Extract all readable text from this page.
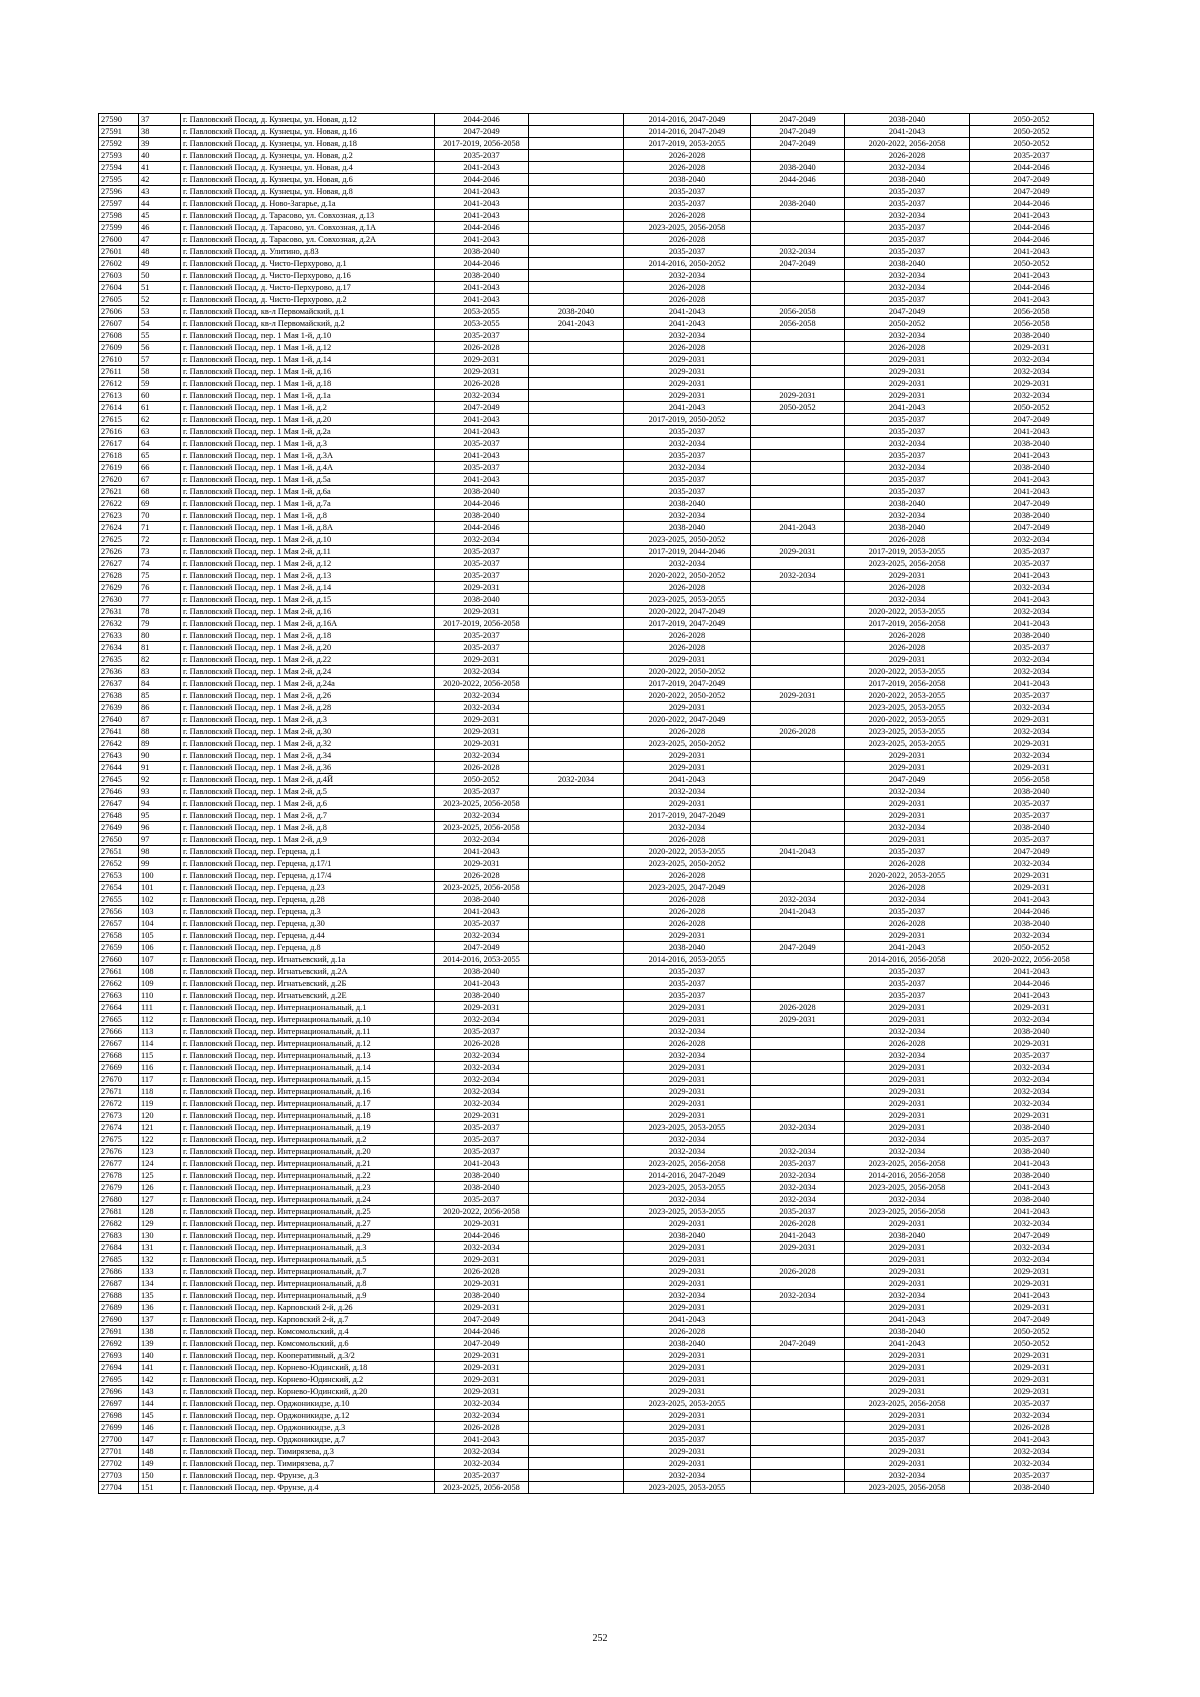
27590	37	г. Павловский Посад, д. Кузнецы, ул. Новая, д.12	2044-2046		2014-2016, 2047-2049	2047-2049	2038-2040	2050-2052
27591	38	г. Павловский Посад, д. Кузнецы, ул. Новая, д.16	2047-2049		2014-2016, 2047-2049	2047-2049	2041-2043	2050-2052
27592	39	г. Павловский Посад, д. Кузнецы, ул. Новая, д.18	2017-2019, 2056-2058		2017-2019, 2053-2055	2047-2049	2020-2022, 2056-2058	2050-2052
27593	40	г. Павловский Посад, д. Кузнецы, ул. Новая, д.2	2035-2037		2026-2028		2026-2028	2035-2037
27594	41	г. Павловский Посад, д. Кузнецы, ул. Новая, д.4	2041-2043		2026-2028	2038-2040	2032-2034	2044-2046
27595	42	г. Павловский Посад, д. Кузнецы, ул. Новая, д.6	2044-2046		2038-2040	2044-2046	2038-2040	2047-2049
27596	43	г. Павловский Посад, д. Кузнецы, ул. Новая, д.8	2041-2043		2035-2037		2035-2037	2047-2049
27597	44	г. Павловский Посад, д. Ново-Загарье, д.1а	2041-2043		2035-2037	2038-2040	2035-2037	2044-2046
27598	45	г. Павловский Посад, д. Тарасово, ул. Совхозная, д.13	2041-2043		2026-2028		2032-2034	2041-2043
27599	46	г. Павловский Посад, д. Тарасово, ул. Совхозная, д.1А	2044-2046		2023-2025, 2056-2058		2035-2037	2044-2046
27600	47	г. Павловский Посад, д. Тарасово, ул. Совхозная, д.2А	2041-2043		2026-2028		2035-2037	2044-2046
27601	48	г. Павловский Посад, д. Улитино, д.83	2038-2040		2035-2037	2032-2034	2035-2037	2041-2043
27602	49	г. Павловский Посад, д. Чисто-Перхурово, д.1	2044-2046		2014-2016, 2050-2052	2047-2049	2038-2040	2050-2052
27603	50	г. Павловский Посад, д. Чисто-Перхурово, д.16	2038-2040		2032-2034		2032-2034	2041-2043
27604	51	г. Павловский Посад, д. Чисто-Перхурово, д.17	2041-2043		2026-2028		2032-2034	2044-2046
27605	52	г. Павловский Посад, д. Чисто-Перхурово, д.2	2041-2043		2026-2028		2035-2037	2041-2043
27606	53	г. Павловский Посад, кв-л Первомайский, д.1	2053-2055	2038-2040	2041-2043	2056-2058	2047-2049	2056-2058
27607	54	г. Павловский Посад, кв-л Первомайский, д.2	2053-2055	2041-2043	2041-2043	2056-2058	2050-2052	2056-2058
27608	55	г. Павловский Посад, пер. 1 Мая 1-й, д.10	2035-2037		2032-2034		2032-2034	2038-2040
27609	56	г. Павловский Посад, пер. 1 Мая 1-й, д.12	2026-2028		2026-2028		2026-2028	2029-2031
27610	57	г. Павловский Посад, пер. 1 Мая 1-й, д.14	2029-2031		2029-2031		2029-2031	2032-2034
27611	58	г. Павловский Посад, пер. 1 Мая 1-й, д.16	2029-2031		2029-2031		2029-2031	2032-2034
27612	59	г. Павловский Посад, пер. 1 Мая 1-й, д.18	2026-2028		2029-2031		2029-2031	2029-2031
27613	60	г. Павловский Посад, пер. 1 Мая 1-й, д.1а	2032-2034		2029-2031	2029-2031	2029-2031	2032-2034
27614	61	г. Павловский Посад, пер. 1 Мая 1-й, д.2	2047-2049		2041-2043	2050-2052	2041-2043	2050-2052
27615	62	г. Павловский Посад, пер. 1 Мая 1-й, д.20	2041-2043		2017-2019, 2050-2052		2035-2037	2047-2049
27616	63	г. Павловский Посад, пер. 1 Мая 1-й, д.2а	2041-2043		2035-2037		2035-2037	2041-2043
27617	64	г. Павловский Посад, пер. 1 Мая 1-й, д.3	2035-2037		2032-2034		2032-2034	2038-2040
27618	65	г. Павловский Посад, пер. 1 Мая 1-й, д.3А	2041-2043		2035-2037		2035-2037	2041-2043
27619	66	г. Павловский Посад, пер. 1 Мая 1-й, д.4А	2035-2037		2032-2034		2032-2034	2038-2040
27620	67	г. Павловский Посад, пер. 1 Мая 1-й, д.5а	2041-2043		2035-2037		2035-2037	2041-2043
27621	68	г. Павловский Посад, пер. 1 Мая 1-й, д.6а	2038-2040		2035-2037		2035-2037	2041-2043
27622	69	г. Павловский Посад, пер. 1 Мая 1-й, д.7а	2044-2046		2038-2040		2038-2040	2047-2049
27623	70	г. Павловский Посад, пер. 1 Мая 1-й, д.8	2038-2040		2032-2034		2032-2034	2038-2040
27624	71	г. Павловский Посад, пер. 1 Мая 1-й, д.8А	2044-2046		2038-2040	2041-2043	2038-2040	2047-2049
27625	72	г. Павловский Посад, пер. 1 Мая 2-й, д.10	2032-2034		2023-2025, 2050-2052		2026-2028	2032-2034
27626	73	г. Павловский Посад, пер. 1 Мая 2-й, д.11	2035-2037		2017-2019, 2044-2046	2029-2031	2017-2019, 2053-2055	2035-2037
27627	74	г. Павловский Посад, пер. 1 Мая 2-й, д.12	2035-2037		2032-2034		2023-2025, 2056-2058	2035-2037
27628	75	г. Павловский Посад, пер. 1 Мая 2-й, д.13	2035-2037		2020-2022, 2050-2052	2032-2034	2029-2031	2041-2043
27629	76	г. Павловский Посад, пер. 1 Мая 2-й, д.14	2029-2031		2026-2028		2026-2028	2032-2034
27630	77	г. Павловский Посад, пер. 1 Мая 2-й, д.15	2038-2040		2023-2025, 2053-2055		2032-2034	2041-2043
27631	78	г. Павловский Посад, пер. 1 Мая 2-й, д.16	2029-2031		2020-2022, 2047-2049		2020-2022, 2053-2055	2032-2034
27632	79	г. Павловский Посад, пер. 1 Мая 2-й, д.16А	2017-2019, 2056-2058		2017-2019, 2047-2049		2017-2019, 2056-2058	2041-2043
27633	80	г. Павловский Посад, пер. 1 Мая 2-й, д.18	2035-2037		2026-2028		2026-2028	2038-2040
27634	81	г. Павловский Посад, пер. 1 Мая 2-й, д.20	2035-2037		2026-2028		2026-2028	2035-2037
27635	82	г. Павловский Посад, пер. 1 Мая 2-й, д.22	2029-2031		2029-2031		2029-2031	2032-2034
27636	83	г. Павловский Посад, пер. 1 Мая 2-й, д.24	2032-2034		2020-2022, 2050-2052		2020-2022, 2053-2055	2032-2034
27637	84	г. Павловский Посад, пер. 1 Мая 2-й, д.24а	2020-2022, 2056-2058		2017-2019, 2047-2049		2017-2019, 2056-2058	2041-2043
27638	85	г. Павловский Посад, пер. 1 Мая 2-й, д.26	2032-2034		2020-2022, 2050-2052	2029-2031	2020-2022, 2053-2055	2035-2037
27639	86	г. Павловский Посад, пер. 1 Мая 2-й, д.28	2032-2034		2029-2031		2023-2025, 2053-2055	2032-2034
27640	87	г. Павловский Посад, пер. 1 Мая 2-й, д.3	2029-2031		2020-2022, 2047-2049		2020-2022, 2053-2055	2029-2031
27641	88	г. Павловский Посад, пер. 1 Мая 2-й, д.30	2029-2031		2026-2028	2026-2028	2023-2025, 2053-2055	2032-2034
27642	89	г. Павловский Посад, пер. 1 Мая 2-й, д.32	2029-2031		2023-2025, 2050-2052		2023-2025, 2053-2055	2029-2031
27643	90	г. Павловский Посад, пер. 1 Мая 2-й, д.34	2032-2034		2029-2031		2029-2031	2032-2034
27644	91	г. Павловский Посад, пер. 1 Мая 2-й, д.36	2026-2028		2029-2031		2029-2031	2029-2031
27645	92	г. Павловский Посад, пер. 1 Мая 2-й, д.4Й	2050-2052	2032-2034	2041-2043		2047-2049	2056-2058
27646	93	г. Павловский Посад, пер. 1 Мая 2-й, д.5	2035-2037		2032-2034		2032-2034	2038-2040
27647	94	г. Павловский Посад, пер. 1 Мая 2-й, д.6	2023-2025, 2056-2058		2029-2031		2029-2031	2035-2037
27648	95	г. Павловский Посад, пер. 1 Мая 2-й, д.7	2032-2034		2017-2019, 2047-2049		2029-2031	2035-2037
27649	96	г. Павловский Посад, пер. 1 Мая 2-й, д.8	2023-2025, 2056-2058		2032-2034		2032-2034	2038-2040
27650	97	г. Павловский Посад, пер. 1 Мая 2-й, д.9	2032-2034		2026-2028		2029-2031	2035-2037
27651	98	г. Павловский Посад, пер. Герцена, д.1	2041-2043		2020-2022, 2053-2055	2041-2043	2035-2037	2047-2049
27652	99	г. Павловский Посад, пер. Герцена, д.17/1	2029-2031		2023-2025, 2050-2052		2026-2028	2032-2034
27653	100	г. Павловский Посад, пер. Герцена, д.17/4	2026-2028		2026-2028		2020-2022, 2053-2055	2029-2031
27654	101	г. Павловский Посад, пер. Герцена, д.23	2023-2025, 2056-2058		2023-2025, 2047-2049		2026-2028	2029-2031
27655	102	г. Павловский Посад, пер. Герцена, д.28	2038-2040		2026-2028	2032-2034	2032-2034	2041-2043
27656	103	г. Павловский Посад, пер. Герцена, д.3	2041-2043		2026-2028	2041-2043	2035-2037	2044-2046
27657	104	г. Павловский Посад, пер. Герцена, д.30	2035-2037		2026-2028		2026-2028	2038-2040
27658	105	г. Павловский Посад, пер. Герцена, д.44	2032-2034		2029-2031		2029-2031	2032-2034
27659	106	г. Павловский Посад, пер. Герцена, д.8	2047-2049		2038-2040	2047-2049	2041-2043	2050-2052
27660	107	г. Павловский Посад, пер. Игнатьевский, д.1а	2014-2016, 2053-2055		2014-2016, 2053-2055		2014-2016, 2056-2058	2020-2022, 2056-2058
27661	108	г. Павловский Посад, пер. Игнатьевский, д.2А	2038-2040		2035-2037		2035-2037	2041-2043
27662	109	г. Павловский Посад, пер. Игнатьевский, д.2Б	2041-2043		2035-2037		2035-2037	2044-2046
27663	110	г. Павловский Посад, пер. Игнатьевский, д.2Е	2038-2040		2035-2037		2035-2037	2041-2043
27664	111	г. Павловский Посад, пер. Интернациональный, д.1	2029-2031		2029-2031	2026-2028	2029-2031	2029-2031
27665	112	г. Павловский Посад, пер. Интернациональный, д.10	2032-2034		2029-2031	2029-2031	2029-2031	2032-2034
27666	113	г. Павловский Посад, пер. Интернациональный, д.11	2035-2037		2032-2034		2032-2034	2038-2040
27667	114	г. Павловский Посад, пер. Интернациональный, д.12	2026-2028		2026-2028		2026-2028	2029-2031
27668	115	г. Павловский Посад, пер. Интернациональный, д.13	2032-2034		2032-2034		2032-2034	2035-2037
27669	116	г. Павловский Посад, пер. Интернациональный, д.14	2032-2034		2029-2031		2029-2031	2032-2034
27670	117	г. Павловский Посад, пер. Интернациональный, д.15	2032-2034		2029-2031		2029-2031	2032-2034
27671	118	г. Павловский Посад, пер. Интернациональный, д.16	2032-2034		2029-2031		2029-2031	2032-2034
27672	119	г. Павловский Посад, пер. Интернациональный, д.17	2032-2034		2029-2031		2029-2031	2032-2034
27673	120	г. Павловский Посад, пер. Интернациональный, д.18	2029-2031		2029-2031		2029-2031	2029-2031
27674	121	г. Павловский Посад, пер. Интернациональный, д.19	2035-2037		2023-2025, 2053-2055	2032-2034	2029-2031	2038-2040
27675	122	г. Павловский Посад, пер. Интернациональный, д.2	2035-2037		2032-2034		2032-2034	2035-2037
27676	123	г. Павловский Посад, пер. Интернациональный, д.20	2035-2037		2032-2034	2032-2034	2032-2034	2038-2040
27677	124	г. Павловский Посад, пер. Интернациональный, д.21	2041-2043		2023-2025, 2056-2058	2035-2037	2023-2025, 2056-2058	2041-2043
27678	125	г. Павловский Посад, пер. Интернациональный, д.22	2038-2040		2014-2016, 2047-2049	2032-2034	2014-2016, 2056-2058	2038-2040
27679	126	г. Павловский Посад, пер. Интернациональный, д.23	2038-2040		2023-2025, 2053-2055	2032-2034	2023-2025, 2056-2058	2041-2043
27680	127	г. Павловский Посад, пер. Интернациональный, д.24	2035-2037		2032-2034	2032-2034	2032-2034	2038-2040
27681	128	г. Павловский Посад, пер. Интернациональный, д.25	2020-2022, 2056-2058		2023-2025, 2053-2055	2035-2037	2023-2025, 2056-2058	2041-2043
27682	129	г. Павловский Посад, пер. Интернациональный, д.27	2029-2031		2029-2031	2026-2028	2029-2031	2032-2034
27683	130	г. Павловский Посад, пер. Интернациональный, д.29	2044-2046		2038-2040	2041-2043	2038-2040	2047-2049
27684	131	г. Павловский Посад, пер. Интернациональный, д.3	2032-2034		2029-2031	2029-2031	2029-2031	2032-2034
27685	132	г. Павловский Посад, пер. Интернациональный, д.5	2029-2031		2029-2031		2029-2031	2032-2034
27686	133	г. Павловский Посад, пер. Интернациональный, д.7	2026-2028		2029-2031	2026-2028	2029-2031	2029-2031
27687	134	г. Павловский Посад, пер. Интернациональный, д.8	2029-2031		2029-2031		2029-2031	2029-2031
27688	135	г. Павловский Посад, пер. Интернациональный, д.9	2038-2040		2032-2034	2032-2034	2032-2034	2041-2043
27689	136	г. Павловский Посад, пер. Карповский 2-й, д.26	2029-2031		2029-2031		2029-2031	2029-2031
27690	137	г. Павловский Посад, пер. Карповский 2-й, д.7	2047-2049		2041-2043		2041-2043	2047-2049
27691	138	г. Павловский Посад, пер. Комсомольский, д.4	2044-2046		2026-2028		2038-2040	2050-2052
27692	139	г. Павловский Посад, пер. Комсомольский, д.6	2047-2049		2038-2040	2047-2049	2041-2043	2050-2052
27693	140	г. Павловский Посад, пер. Кооперативный, д.3/2	2029-2031		2029-2031		2029-2031	2029-2031
27694	141	г. Павловский Посад, пер. Корнево-Юдинский, д.18	2029-2031		2029-2031		2029-2031	2029-2031
27695	142	г. Павловский Посад, пер. Корнево-Юдинский, д.2	2029-2031		2029-2031		2029-2031	2029-2031
27696	143	г. Павловский Посад, пер. Корнево-Юдинский, д.20	2029-2031		2029-2031		2029-2031	2029-2031
27697	144	г. Павловский Посад, пер. Орджоникидзе, д.10	2032-2034		2023-2025, 2053-2055		2023-2025, 2056-2058	2035-2037
27698	145	г. Павловский Посад, пер. Орджоникидзе, д.12	2032-2034		2029-2031		2029-2031	2032-2034
27699	146	г. Павловский Посад, пер. Орджоникидзе, д.3	2026-2028		2029-2031		2029-2031	2026-2028
27700	147	г. Павловский Посад, пер. Орджоникидзе, д.7	2041-2043		2035-2037		2035-2037	2041-2043
27701	148	г. Павловский Посад, пер. Тимирязева, д.3	2032-2034		2029-2031		2029-2031	2032-2034
27702	149	г. Павловский Посад, пер. Тимирязева, д.7	2032-2034		2029-2031		2029-2031	2032-2034
27703	150	г. Павловский Посад, пер. Фрунзе, д.3	2035-2037		2032-2034		2032-2034	2035-2037
27704	151	г. Павловский Посад, пер. Фрунзе, д.4	2023-2025, 2056-2058		2023-2025, 2053-2055		2023-2025, 2056-2058	2038-2040
252
